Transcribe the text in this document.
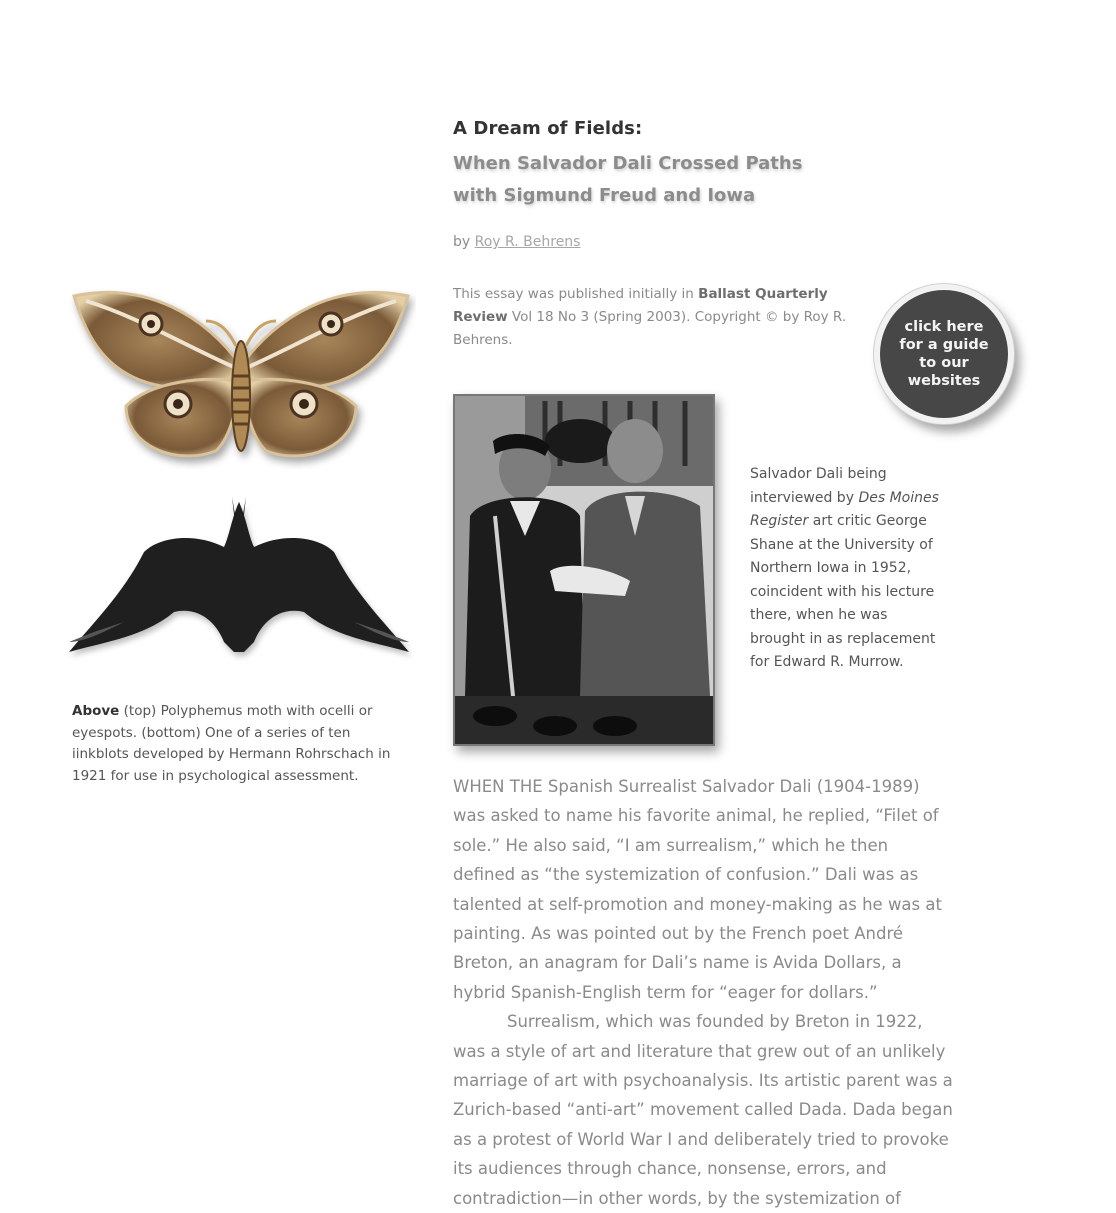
Above (top) Polyphemus moth with ocelli or eyespots. (bottom) One of a series of ten iinkblots developed by Hermann Rohrschach in 1921 for use in psychological assessment.
A Dream of Fields:
When Salvador Dali Crossed Paths
with Sigmund Freud and Iowa
by Roy R. Behrens
This essay was published initially in Ballast Quarterly Review Vol 18 No 3 (Spring 2003). Copyright © by Roy R. Behrens.
click here
for a guide
to our
websites
Salvador Dali being interviewed by Des Moines Register art critic George Shane at the University of Northern Iowa in 1952, coincident with his lecture there, when he was brought in as replacement for Edward R. Murrow.

WHEN THE Spanish Surrealist Salvador Dali (1904-1989) was asked to name his favorite animal, he replied, “Filet of sole.” He also said, “I am surrealism,” which he then defined as “the systemization of confusion.” Dali was as talented at self-promotion and money-making as he was at painting. As was pointed out by the French poet André Breton, an anagram for Dali’s name is Avida Dollars, a hybrid Spanish-English term for “eager for dollars.”

Surrealism, which was founded by Breton in 1922, was a style of art and literature that grew out of an unlikely marriage of art with psychoanalysis. Its artistic parent was a Zurich-based “anti-art” movement called Dada. Dada began as a protest of World War I and deliberately tried to provoke its audiences through chance, nonsense, errors, and contradiction—in other words, by the systemization of
